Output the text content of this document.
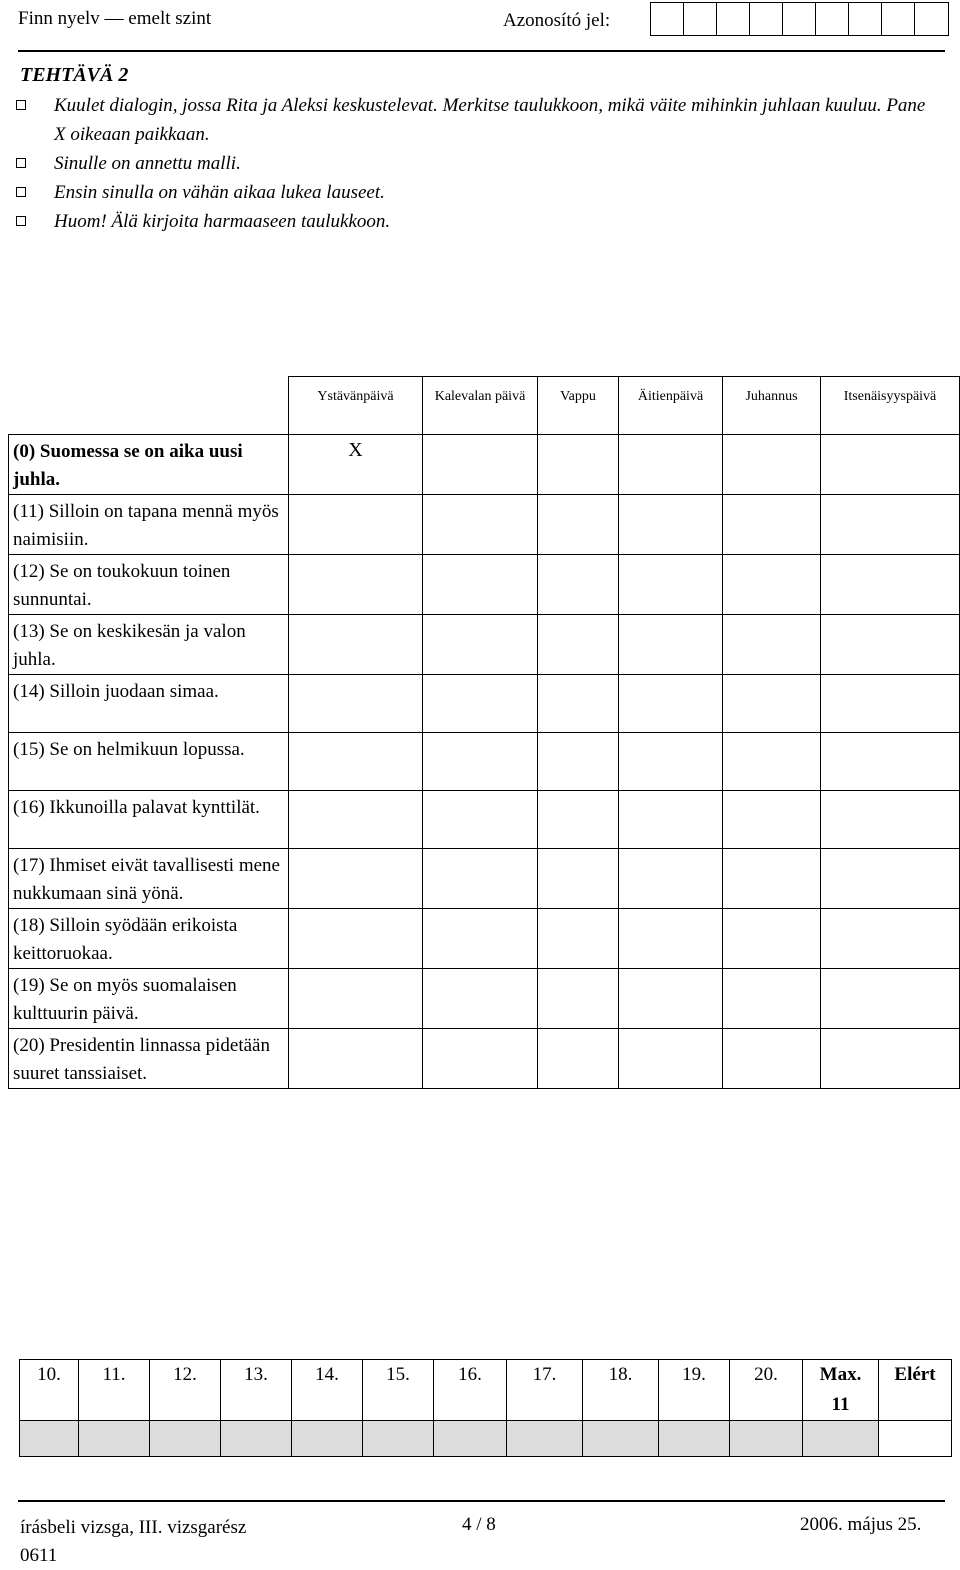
Finn nyelv — emelt szint	Azonosító jel:
TEHTÄVÄ 2
Kuulet dialogin, jossa Rita ja Aleksi keskustelevat. Merkitse taulukkoon, mikä väite mihinkin juhlaan kuuluu. Pane X oikeaan paikkaan.
Sinulle on annettu malli.
Ensin sinulla on vähän aikaa lukea lauseet.
Huom! Älä kirjoita harmaaseen taulukkoon.
	Ystävänpäivä	Kalevalan päivä	Vappu	Äitienpäivä	Juhannus	Itsenäisyyspäivä
(0) Suomessa se on aika uusi juhla.	X					
(11) Silloin on tapana mennä myös naimisiin.						
(12) Se on toukokuun toinen sunnuntai.						
(13) Se on keskikesän ja valon juhla.						
(14) Silloin juodaan simaa.						
(15) Se on helmikuun lopussa.						
(16) Ikkunoilla palavat kynttilät.						
(17) Ihmiset eivät tavallisesti mene nukkumaan sinä yönä.						
(18) Silloin syödään erikoista keittoruokaa.						
(19) Se on myös suomalaisen kulttuurin päivä.						
(20) Presidentin linnassa pidetään suuret tanssiaiset.						
10.	11.	12.	13.	14.	15.	16.	17.	18.	19.	20.	Max. 11	Elért

írásbeli vizsga, III. vizsgarész
0611
4 / 8	2006. május 25.
